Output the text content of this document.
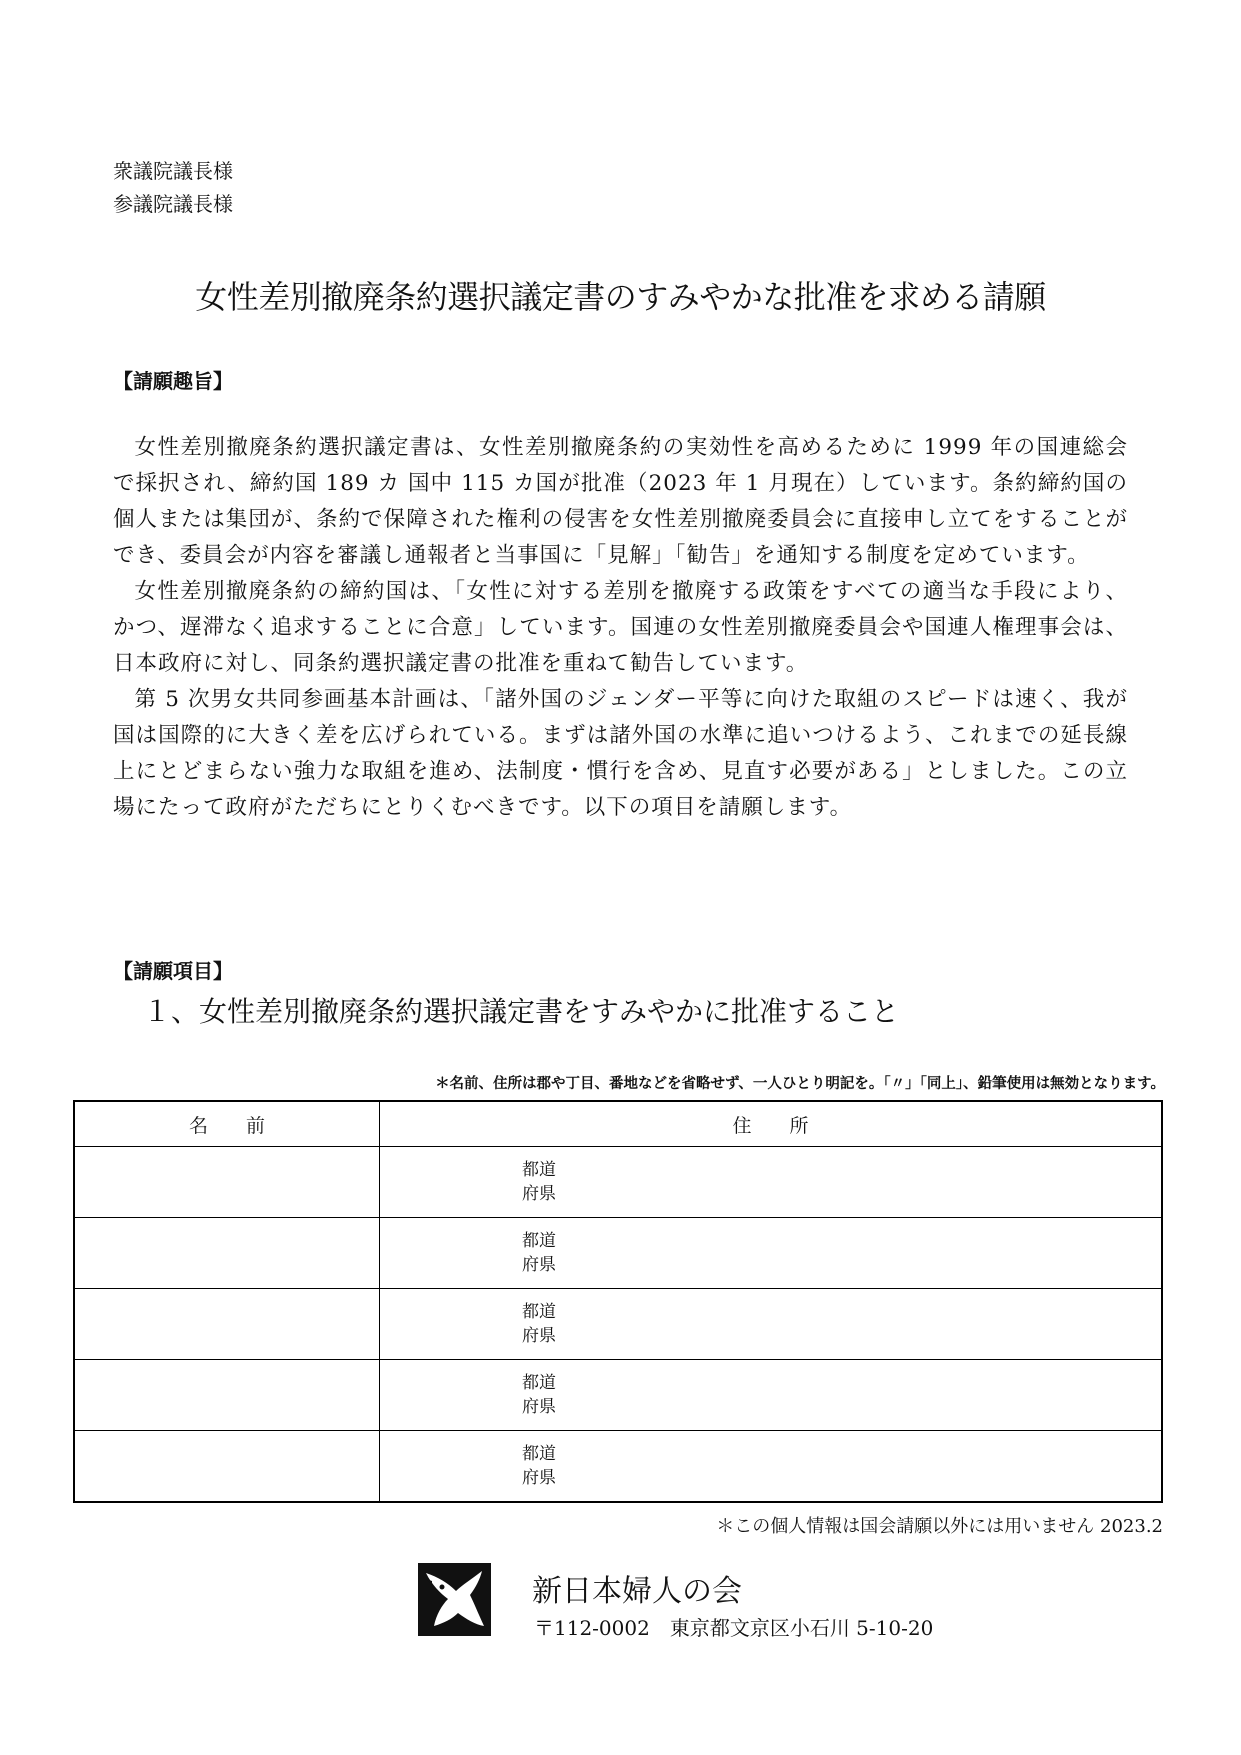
衆議院議長様
参議院議長様
女性差別撤廃条約選択議定書のすみやかな批准を求める請願
【請願趣旨】

女性差別撤廃条約選択議定書は、女性差別撤廃条約の実効性を高めるために 1999 年の国連総会で採択され、締約国 189 カ 国中 115 カ国が批准（2023 年 1 月現在）しています。条約締約国の個人または集団が、条約で保障された権利の侵害を女性差別撤廃委員会に直接申し立てをすることができ、委員会が内容を審議し通報者と当事国に「見解」「勧告」を通知する制度を定めています。

女性差別撤廃条約の締約国は、「女性に対する差別を撤廃する政策をすべての適当な手段により、かつ、遅滞なく追求することに合意」しています。国連の女性差別撤廃委員会や国連人権理事会は、日本政府に対し、同条約選択議定書の批准を重ねて勧告しています。

第 5 次男女共同参画基本計画は、「諸外国のジェンダー平等に向けた取組のスピードは速く、我が国は国際的に大きく差を広げられている。まずは諸外国の水準に追いつけるよう、これまでの延長線上にとどまらない強力な取組を進め、法制度・慣行を含め、見直す必要がある」としました。この立場にたって政府がただちにとりくむべきです。以下の項目を請願します。

【請願項目】
１、女性差別撤廃条約選択議定書をすみやかに批准すること
＊名前、住所は郡や丁目、番地などを省略せず、一人ひとり明記を。「〃」「同上」、鉛筆使用は無効となります。
名　　前	住　　所

	都道
府県

	都道
府県

	都道
府県

	都道
府県

	都道
府県
＊この個人情報は国会請願以外には用いません 2023.2
新日本婦人の会
〒112-0002　東京都文京区小石川 5-10-20
